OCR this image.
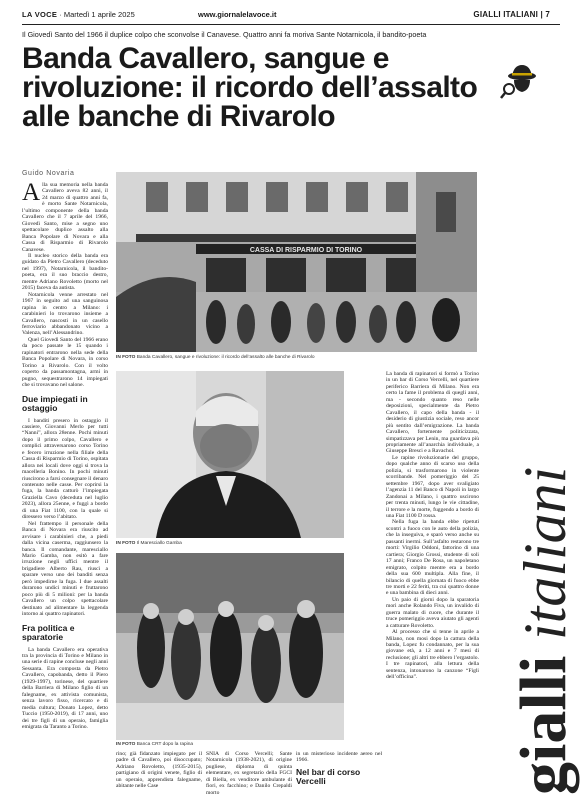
LA VOCE · Martedì 1 aprile 2025	www.giornalelavoce.it	GIALLI ITALIANI | 7
Il Giovedì Santo del 1966 il duplice colpo che sconvolse il Canavese. Quattro anni fa moriva Sante Notarnicola, il bandito-poeta
Banda Cavallero, sangue e rivoluzione: il ricordo dell’assalto alle banche di Rivarolo
Guido Novaria

Alla sua memoria nella banda Cavallero aveva 82 anni, il 24 marzo di quattro anni fa, è morto Sante Notarnicola, l’ultimo componente della banda Cavallero che il 7 aprile del 1966, Giovedì Santo, mise a segno uno spettacolare duplice assalto alla Banca Popolare di Novara e alla Cassa di Risparmio di Rivarolo Canavese.

Il nucleo storico della banda era guidato da Pietro Cavallero (deceduto nel 1997), Notarnicola, il bandito-poeta, era il suo braccio destro, mentre Adriano Rovoletto (morto nel 2015) faceva da autista.

Notarnicola venne arrestato nel 1967 in seguito ad una sanguinosa rapina in centro a Milano: i carabinieri lo trovarono insieme a Cavallero, nascosti in un casello ferroviario abbandonato vicino a Valenza, nell’Alessandrino.

Quel Giovedì Santo del 1966 erano da poco passate le 15 quando i rapinatori entrarono nella sede della Banca Popolare di Novara, in corso Torino a Rivarolo. Con il volto coperto da passamontagna, armi in pugno, sequestrarono 14 impiegati che si trovavano nel salone.

Due impiegati in ostaggio

I banditi presero in ostaggio il cassiere, Giovanni Merlo per tutti “Nanni”, allora 28enne. Pochi minuti dopo il primo colpo, Cavallero e complici attraversarono corso Torino e fecero irruzione nella filiale della Cassa di Risparmio di Torino, ospitata allora nei locali dove oggi si trova la macelleria Bonino. In pochi minuti riuscirono a farsi consegnare il denaro contenuto nelle casse. Per coprirsi la fuga, la banda catturò l’impiegata Graziella Cavo (deceduta nel luglio 2023), allora 25enne, e fuggì a bordo di una Fiat 1100, con la quale si diressero verso l’abitato.

Nel frattempo il personale della Banca di Novara era riuscito ad avvisare i carabinieri che, a piedi dalla vicina caserma, raggiunsero la banca. Il comandante, maresciallo Mario Gamba, non esitò a fare irruzione negli uffici mentre il brigadiere Alberto Rau, riuscì a sparare verso uno dei banditi senza però impedirne la fuga. I due assalti durarono undici minuti e fruttarono poco più di 5 milioni: per la banda Cavallero un colpo spettacolare destinato ad alimentare la leggenda intorno ai quattro rapinatori.

Fra politica e sparatorie

La banda Cavallero era operativa tra la provincia di Torino e Milano in una serie di rapine concluse negli anni Sessanta. Era composta da Pietro Cavallero, capobanda, detto il Piero (1929-1997), torinese, del quartiere della Barriera di Milano figlio di un falegname, ex attivista comunista, senza lavoro fisso, ricercato e di media cultura; Donato Lopez, detto Tuccio (1950-2019), di 17 anni, uno dei tre figli di un operaio, famiglia emigrata da Taranto a Torino.

CASSA DI RISPARMIO DI TORINO
IN FOTO Banda Cavallero, sangue e rivoluzione: il ricordo dell’assalto alle banche di Rivarolo
IN FOTO Il Maresciallo Gamba
IN FOTO Banca CRT dopo la rapina

rino; già fidanzato impiegato per il padre di Cavallero, poi disoccupato; Adriano Rovoletto, (1935-2015), partigiano di origini venete, figlio di un operaio, apprendista falegname, abitante nelle Case

SNIA di Corso Vercelli; Sante Notarnicola (1938-2021), di origine pugliese, diploma di quinta elementare, ex segretario della FGCI di Biella, ex venditore ambulante di fiori, ex facchino; e Danilo Crepaldi morto

in un misterioso incidente aereo nel 1966.

Nel bar di corso Vercelli

La banda di rapinatori si formò a Torino in un bar di Corso Vercelli, nel quartiere periferico Barriera di Milano. Non era certo la fame il problema di quegli anni, ma - secondo quanto reso nelle deposizioni, specialmente da Pietro Cavallero, il capo della banda - il desiderio di giustizia sociale, reso ancor più sentito dall’emigrazione. La banda Cavallero, fortemente politicizzata, simpatizzava per Lenin, ma guardava più propriamente all’anarchia individuale, a Giuseppe Bresci e a Ravachol.

Le rapine rivoluzionarie del gruppo, dopo qualche anno di scarso uso della polizia, si trasformarono in violente scorribande. Nel pomeriggio del 25 settembre 1967, dopo aver svaligiato l’agenzia 11 del Banco di Napoli in largo Zandonai a Milano, i quattro uscirono per trenta minuti, lungo le vie cittadine, il terrore e la morte, fuggendo a bordo di una Fiat 1100 D rossa.

Nella fuga la banda ebbe ripetuti scontri a fuoco con le auto della polizia, che la inseguiva, e sparò verso anche su passanti inermi. Sull’asfalto restarono tre morti: Virgilio Oddoni, fattorino di una cartiera; Giorgio Grossi, studente di soli 17 anni; Franco De Rosa, un napoletano emigrato, colpito mentre era a bordo della sua 600 multipla. Alla fine, il bilancio di quella giornata di fuoco ebbe tre morti e 22 feriti, tra cui quattro donne e una bambina di dieci anni.

Un paio di giorni dopo la sparatoria morì anche Rolando Fiva, un invalido di guerra malato di cuore, che durante il truce pomeriggio aveva aiutato gli agenti a catturare Rovoletto.

Al processo che si tenne in aprile a Milano, non mosi dopo la cattura della banda, Lopez fu condannato, per la sua giovane età, a 12 anni e 7 mesi di reclusione; gli altri tre ebbero l’ergastolo. I tre rapinatori, alla lettura della sentenza, intonarono la canzone “Figli dell’officina”.	gialli
italiani
